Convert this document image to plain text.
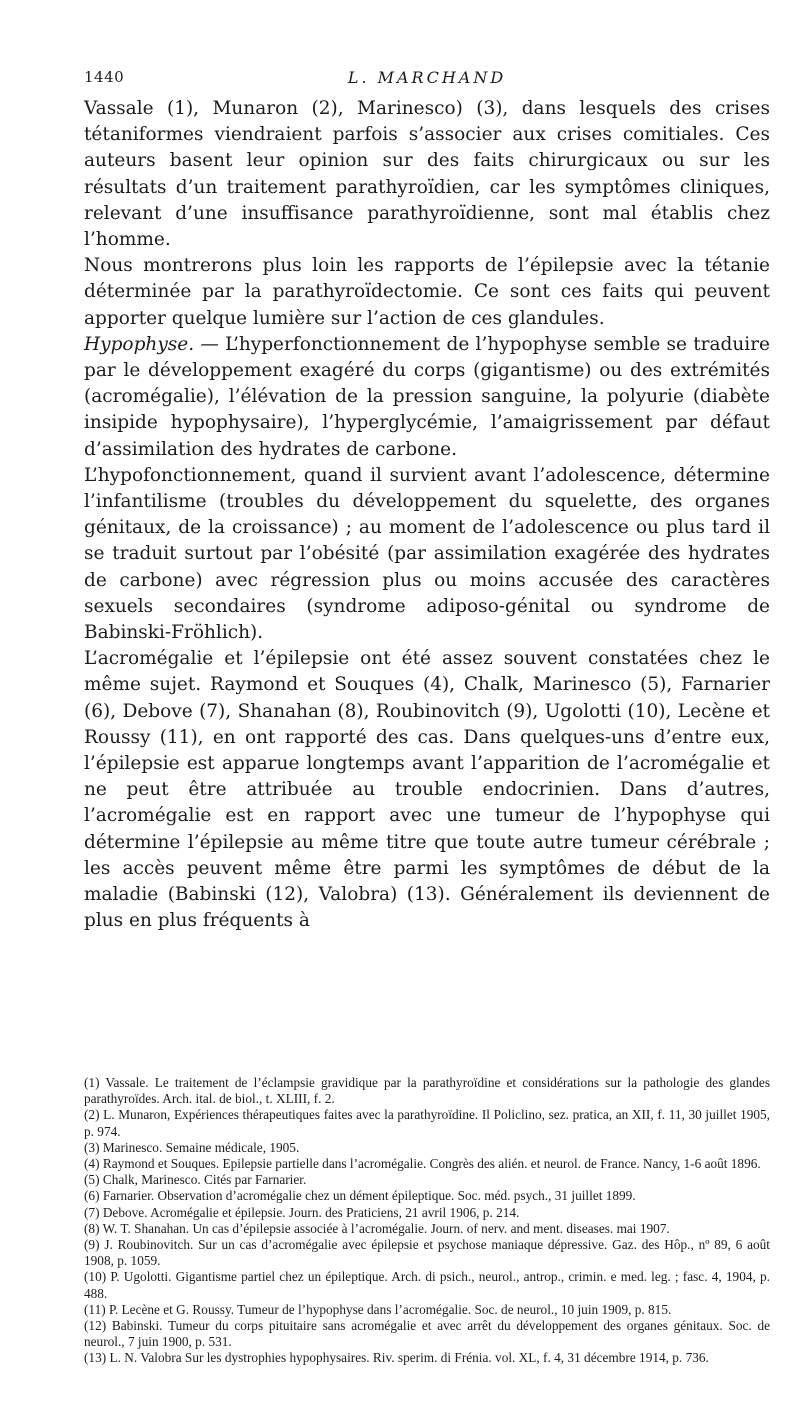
1440	L. MARCHAND

Vassale (1), Munaron (2), Marinesco) (3), dans lesquels des crises tétaniformes viendraient parfois s’associer aux crises comitiales. Ces auteurs basent leur opinion sur des faits chirurgicaux ou sur les résultats d’un traitement parathyroïdien, car les symptômes cliniques, relevant d’une insuffisance parathyroïdienne, sont mal établis chez l’homme.

Nous montrerons plus loin les rapports de l’épilepsie avec la tétanie déterminée par la parathyroïdectomie. Ce sont ces faits qui peuvent apporter quelque lumière sur l’action de ces glandules.

Hypophyse. — L’hyperfonctionnement de l’hypophyse semble se traduire par le développement exagéré du corps (gigantisme) ou des extrémités (acromégalie), l’élévation de la pression sanguine, la polyurie (diabète insipide hypophysaire), l’hyperglycémie, l’amaigrissement par défaut d’assimilation des hydrates de carbone.

L’hypofonctionnement, quand il survient avant l’adolescence, détermine l’infantilisme (troubles du développement du squelette, des organes génitaux, de la croissance) ; au moment de l’adolescence ou plus tard il se traduit surtout par l’obésité (par assimilation exagérée des hydrates de carbone) avec régression plus ou moins accusée des caractères sexuels secondaires (syndrome adiposo-génital ou syndrome de Babinski-Fröhlich).

L’acromégalie et l’épilepsie ont été assez souvent constatées chez le même sujet. Raymond et Souques (4), Chalk, Marinesco (5), Farnarier (6), Debove (7), Shanahan (8), Roubinovitch (9), Ugolotti (10), Lecène et Roussy (11), en ont rapporté des cas. Dans quelques-uns d’entre eux, l’épilepsie est apparue longtemps avant l’apparition de l’acromégalie et ne peut être attribuée au trouble endocrinien. Dans d’autres, l’acromégalie est en rapport avec une tumeur de l’hypophyse qui détermine l’épilepsie au même titre que toute autre tumeur cérébrale ; les accès peuvent même être parmi les symptômes de début de la maladie (Babinski (12), Valobra) (13). Généralement ils deviennent de plus en plus fréquents à

(1) Vassale. Le traitement de l’éclampsie gravidique par la parathyroïdine et considérations sur la pathologie des glandes parathyroïdes. Arch. ital. de biol., t. XLIII, f. 2.

(2) L. Munaron, Expériences thérapeutiques faites avec la parathyroïdine. Il Policlino, sez. pratica, an XII, f. 11, 30 juillet 1905, p. 974.

(3) Marinesco. Semaine médicale, 1905.

(4) Raymond et Souques. Epilepsie partielle dans l’acromégalie. Congrès des alién. et neurol. de France. Nancy, 1-6 août 1896.

(5) Chalk, Marinesco. Cités par Farnarier.

(6) Farnarier. Observation d’acromégalie chez un dément épileptique. Soc. méd. psych., 31 juillet 1899.

(7) Debove. Acromégalie et épilepsie. Journ. des Praticiens, 21 avril 1906, p. 214.

(8) W. T. Shanahan. Un cas d’épilepsie associée à l’acromégalie. Journ. of nerv. and ment. diseases. mai 1907.

(9) J. Roubinovitch. Sur un cas d’acromégalie avec épilepsie et psychose maniaque dépressive. Gaz. des Hôp., nº 89, 6 août 1908, p. 1059.

(10) P. Ugolotti. Gigantisme partiel chez un épileptique. Arch. di psich., neurol., antrop., crimin. e med. leg. ; fasc. 4, 1904, p. 488.

(11) P. Lecène et G. Roussy. Tumeur de l’hypophyse dans l’acromégalie. Soc. de neurol., 10 juin 1909, p. 815.

(12) Babinski. Tumeur du corps pituitaire sans acromégalie et avec arrêt du développement des organes génitaux. Soc. de neurol., 7 juin 1900, p. 531.

(13) L. N. Valobra Sur les dystrophies hypophysaires. Riv. sperim. di Frénia. vol. XL, f. 4, 31 décembre 1914, p. 736.
